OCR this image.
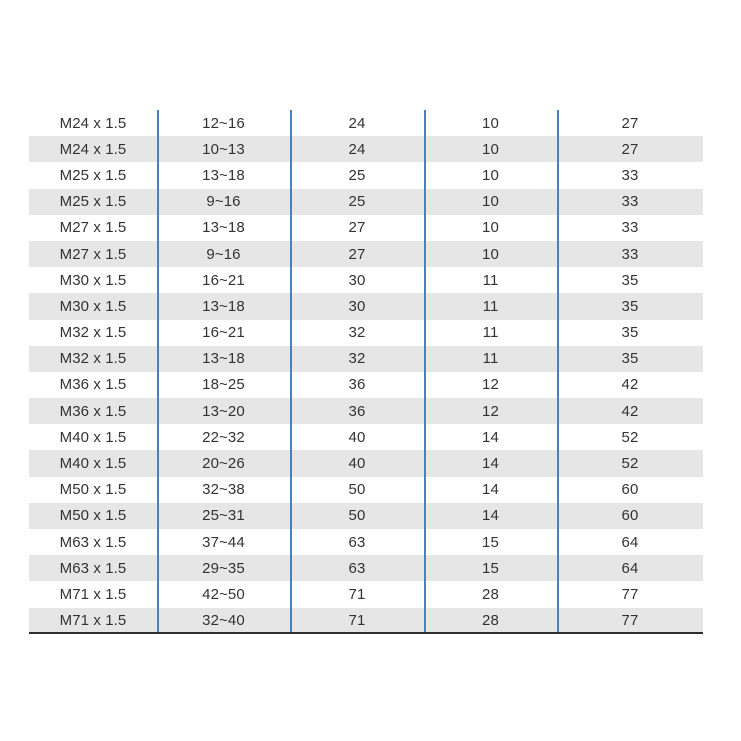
M24 x 1.5	12~16	24	10	27
M24 x 1.5	10~13	24	10	27
M25 x 1.5	13~18	25	10	33
M25 x 1.5	9~16	25	10	33
M27 x 1.5	13~18	27	10	33
M27 x 1.5	9~16	27	10	33
M30 x 1.5	16~21	30	11	35
M30 x 1.5	13~18	30	11	35
M32 x 1.5	16~21	32	11	35
M32 x 1.5	13~18	32	11	35
M36 x 1.5	18~25	36	12	42
M36 x 1.5	13~20	36	12	42
M40 x 1.5	22~32	40	14	52
M40 x 1.5	20~26	40	14	52
M50 x 1.5	32~38	50	14	60
M50 x 1.5	25~31	50	14	60
M63 x 1.5	37~44	63	15	64
M63 x 1.5	29~35	63	15	64
M71 x 1.5	42~50	71	28	77
M71 x 1.5	32~40	71	28	77
